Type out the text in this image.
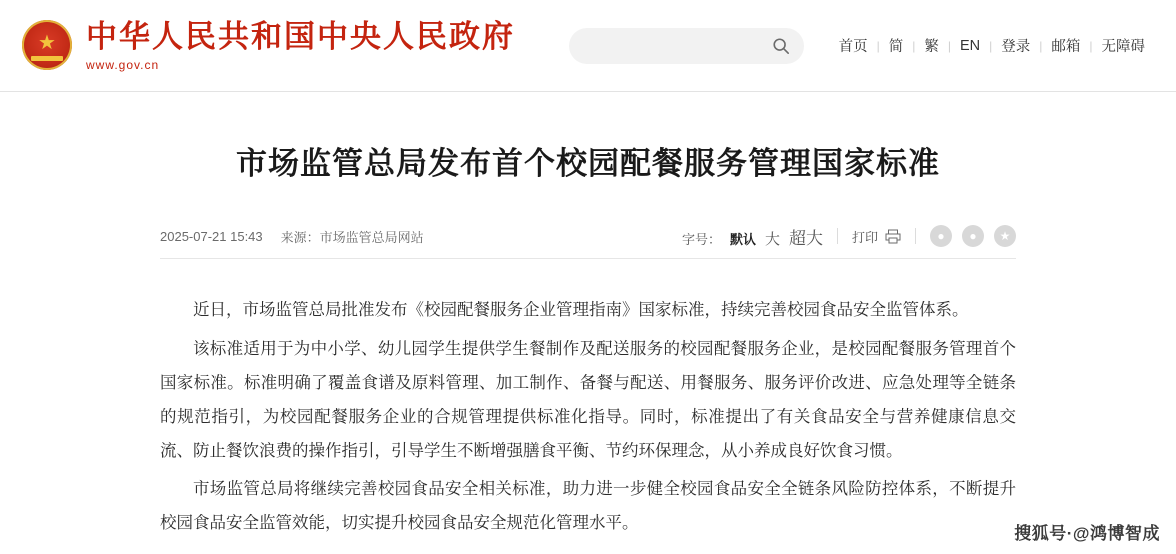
★
中华人民共和国中央人民政府
www.gov.cn
首页 | 简 | 繁 | EN | 登录 | 邮箱 | 无障碍
市场监管总局发布首个校园配餐服务管理国家标准
2025-07-21 15:43 来源：市场监管总局网站	字号： 默认 大 超大 打印	●	●	★

近日，市场监管总局批准发布《校园配餐服务企业管理指南》国家标准，持续完善校园食品安全监管体系。

该标准适用于为中小学、幼儿园学生提供学生餐制作及配送服务的校园配餐服务企业，是校园配餐服务管理首个国家标准。标准明确了覆盖食谱及原料管理、加工制作、备餐与配送、用餐服务、服务评价改进、应急处理等全链条的规范指引，为校园配餐服务企业的合规管理提供标准化指导。同时，标准提出了有关食品安全与营养健康信息交流、防止餐饮浪费的操作指引，引导学生不断增强膳食平衡、节约环保理念，从小养成良好饮食习惯。

市场监管总局将继续完善校园食品安全相关标准，助力进一步健全校园食品安全全链条风险防控体系，不断提升校园食品安全监管效能，切实提升校园食品安全规范化管理水平。

搜狐号·@鸿博智成
